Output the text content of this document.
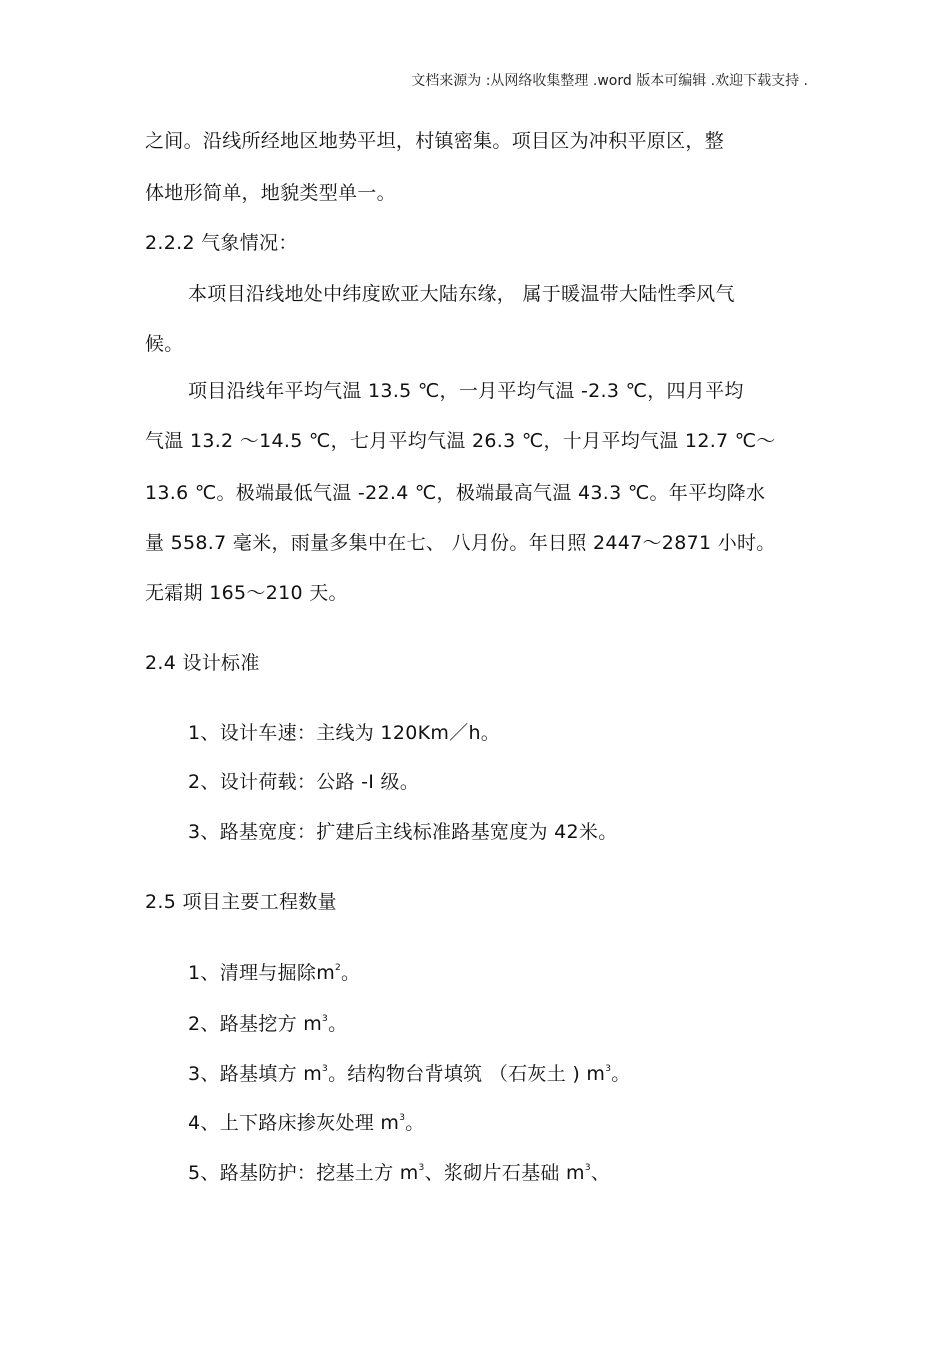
文档来源为 :从网络收集整理 .word 版本可编辑 .欢迎下载支持 .
之间。沿线所经地区地势平坦，村镇密集。项目区为冲积平原区，整
体地形简单，地貌类型单一。
2.2.2 气象情况：
本项目沿线地处中纬度欧亚大陆东缘， 属于暖温带大陆性季风气
候。
项目沿线年平均气温 13.5 ℃，一月平均气温 -2.3 ℃，四月平均
气温 13.2 ～14.5 ℃，七月平均气温 26.3 ℃，十月平均气温 12.7 ℃～
13.6 ℃。极端最低气温 -22.4 ℃，极端最高气温 43.3 ℃。年平均降水
量 558.7 毫米，雨量多集中在七、 八月份。年日照 2447～2871 小时。
无霜期 165～210 天。
2.4 设计标准
1、设计车速：主线为 120Km／h。
2、设计荷载：公路 -I 级。
3、路基宽度：扩建后主线标准路基宽度为 42米。
2.5 项目主要工程数量
1、清理与掘除$m^2$。
2、路基挖方 $m^3$。
3、路基填方 $m^3$。结构物台背填筑 （石灰土 ) $m^3$。
4、上下路床掺灰处理 $m^3$。
5、路基防护：挖基土方 $m^3$、浆砌片石基础 $m^3$、
